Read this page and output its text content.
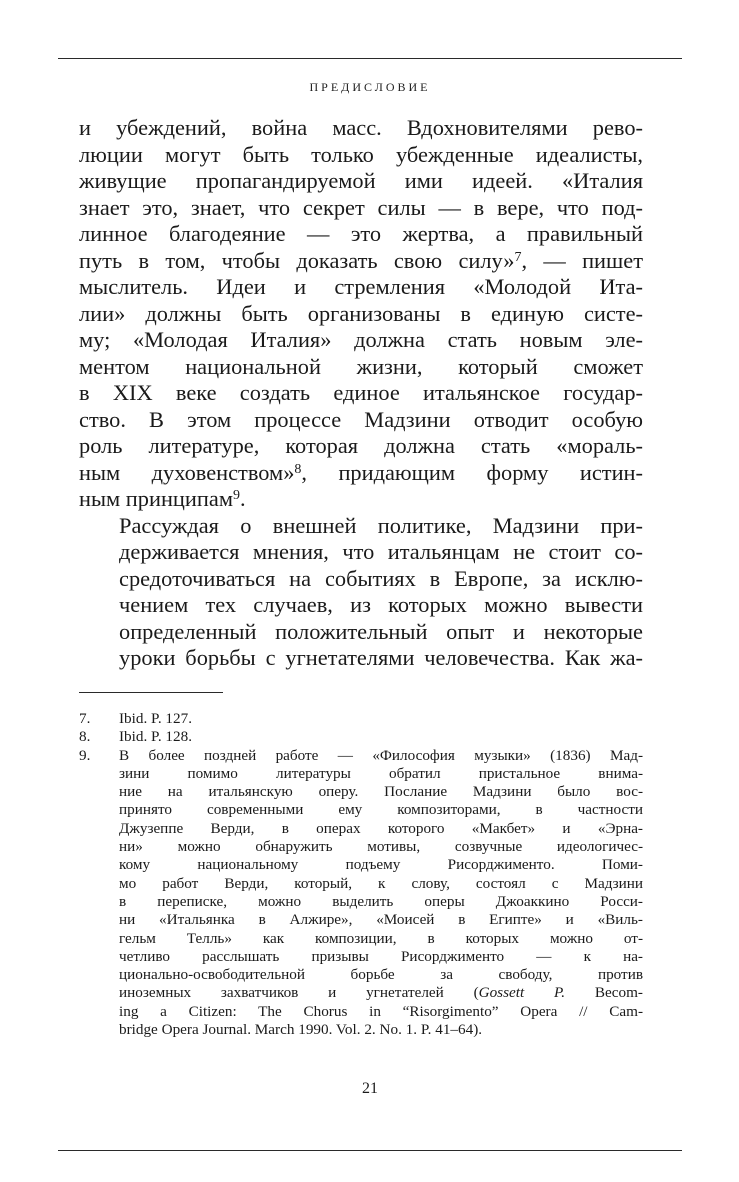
ПРЕДИСЛОВИЕ

и убеждений, война масс. Вдохновителями рево-
люции могут быть только убежденные идеалисты,
живущие пропагандируемой ими идеей. «Италия
знает это, знает, что секрет силы — в вере, что под-
линное благодеяние — это жертва, а правильный
путь в том, чтобы доказать свою силу»$^7$, — пишет
мыслитель. Идеи и стремления «Молодой Ита-
лии» должны быть организованы в единую систе-
му; «Молодая Италия» должна стать новым эле-
ментом национальной жизни, который сможет
в XIX веке создать единое итальянское государ-
ство. В этом процессе Мадзини отводит особую
роль литературе, которая должна стать «мораль-
ным духовенством»$^8$, придающим форму истин-
ным принципам$^9$.

Рассуждая о внешней политике, Мадзини при-
держивается мнения, что итальянцам не стоит со-
средоточиваться на событиях в Европе, за исклю-
чением тех случаев, из которых можно вывести
определенный положительный опыт и некоторые
уроки борьбы с угнетателями человечества. Как жа-

7.	Ibid. P. 127.
8.	Ibid. P. 128.
9.	В более поздней работе — «Философия музыки» (1836) Мад-
зини помимо литературы обратил пристальное внима-
ние на итальянскую оперу. Послание Мадзини было вос-
принято современными ему композиторами, в частности
Джузеппе Верди, в операх которого «Макбет» и «Эрна-
ни» можно обнаружить мотивы, созвучные идеологичес-
кому национальному подъему Рисорджименто. Поми-
мо работ Верди, который, к слову, состоял с Мадзини
в переписке, можно выделить оперы Джоаккино Росси-
ни «Итальянка в Алжире», «Моисей в Египте» и «Виль-
гельм Телль» как композиции, в которых можно от-
четливо расслышать призывы Рисорджименто — к на-
ционально-освободительной борьбе за свободу, против
иноземных захватчиков и угнетателей (Gossett P. Becom-
ing a Citizen: The Chorus in “Risorgimento” Opera // Cam-
bridge Opera Journal. March 1990. Vol. 2. No. 1. P. 41–64).
21
